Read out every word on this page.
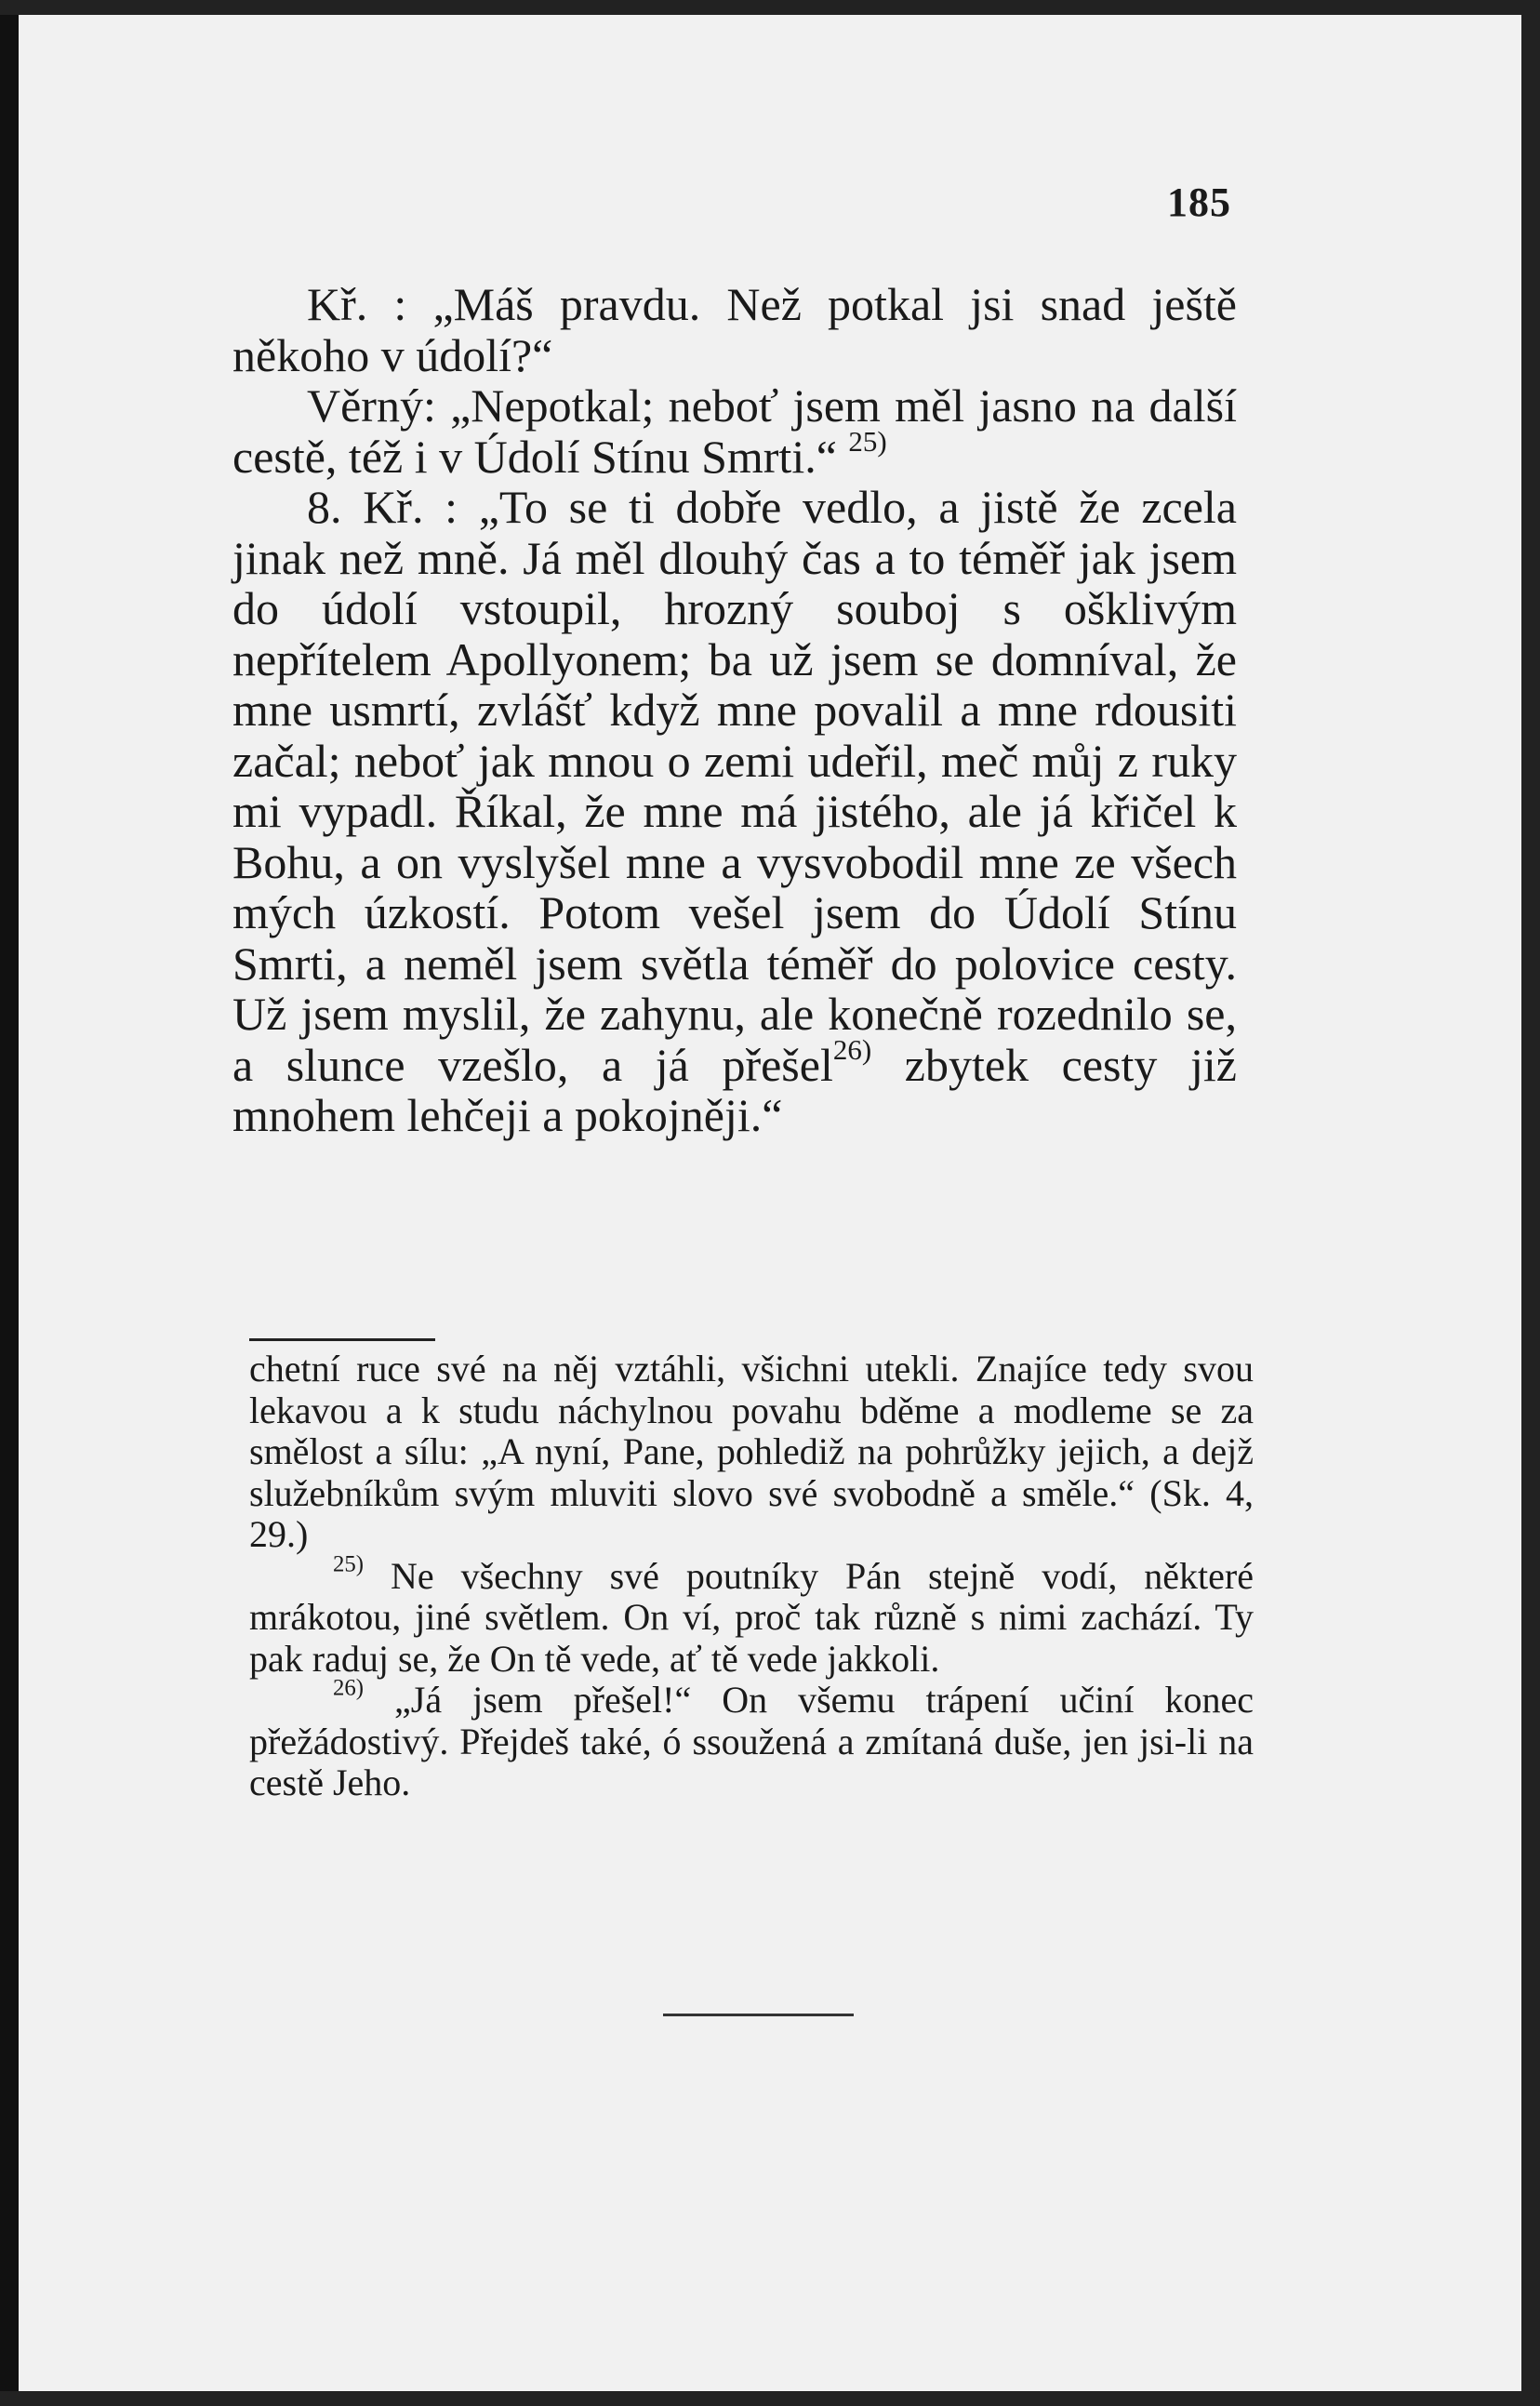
185

Kř. : „Máš pravdu. Než potkal jsi snad ještě někoho v údolí?“

Věrný: „Nepotkal; neboť jsem měl jasno na další cestě, též i v Údolí Stínu Smrti.“ $^{25)}$

8. Kř. : „To se ti dobře vedlo, a jistě že zcela jinak než mně. Já měl dlouhý čas a to téměř jak jsem do údolí vstoupil, hrozný souboj s ošklivým nepřítelem Apollyonem; ba už jsem se domníval, že mne usmrtí, zvlášť když mne povalil a mne rdousiti začal; neboť jak mnou o zemi udeřil, meč můj z ruky mi vypadl. Říkal, že mne má jistého, ale já křičel k Bohu, a on vyslyšel mne a vysvobodil mne ze všech mých úzkostí. Potom vešel jsem do Údolí Stínu Smrti, a neměl jsem světla téměř do polovice cesty. Už jsem myslil, že zahynu, ale konečně rozednilo se, a slunce vzešlo, a já přešel$^{26)}$ zbytek cesty již mnohem lehčeji a pokojněji.“

chetní ruce své na něj vztáhli, všichni utekli. Znajíce tedy svou lekavou a k studu náchylnou povahu bděme a modleme se za smělost a sílu: „A nyní, Pane, pohlediž na pohrůžky jejich, a dejž služebníkům svým mluviti slovo své svobodně a směle.“ (Sk. 4, 29.)

$^{25)}$ Ne všechny své poutníky Pán stejně vodí, některé mrákotou, jiné světlem. On ví, proč tak různě s nimi zachází. Ty pak raduj se, že On tě vede, ať tě vede jakkoli.

$^{26)}$ „Já jsem přešel!“ On všemu trápení učiní konec přežádostivý. Přejdeš také, ó ssoužená a zmítaná duše, jen jsi-li na cestě Jeho.
